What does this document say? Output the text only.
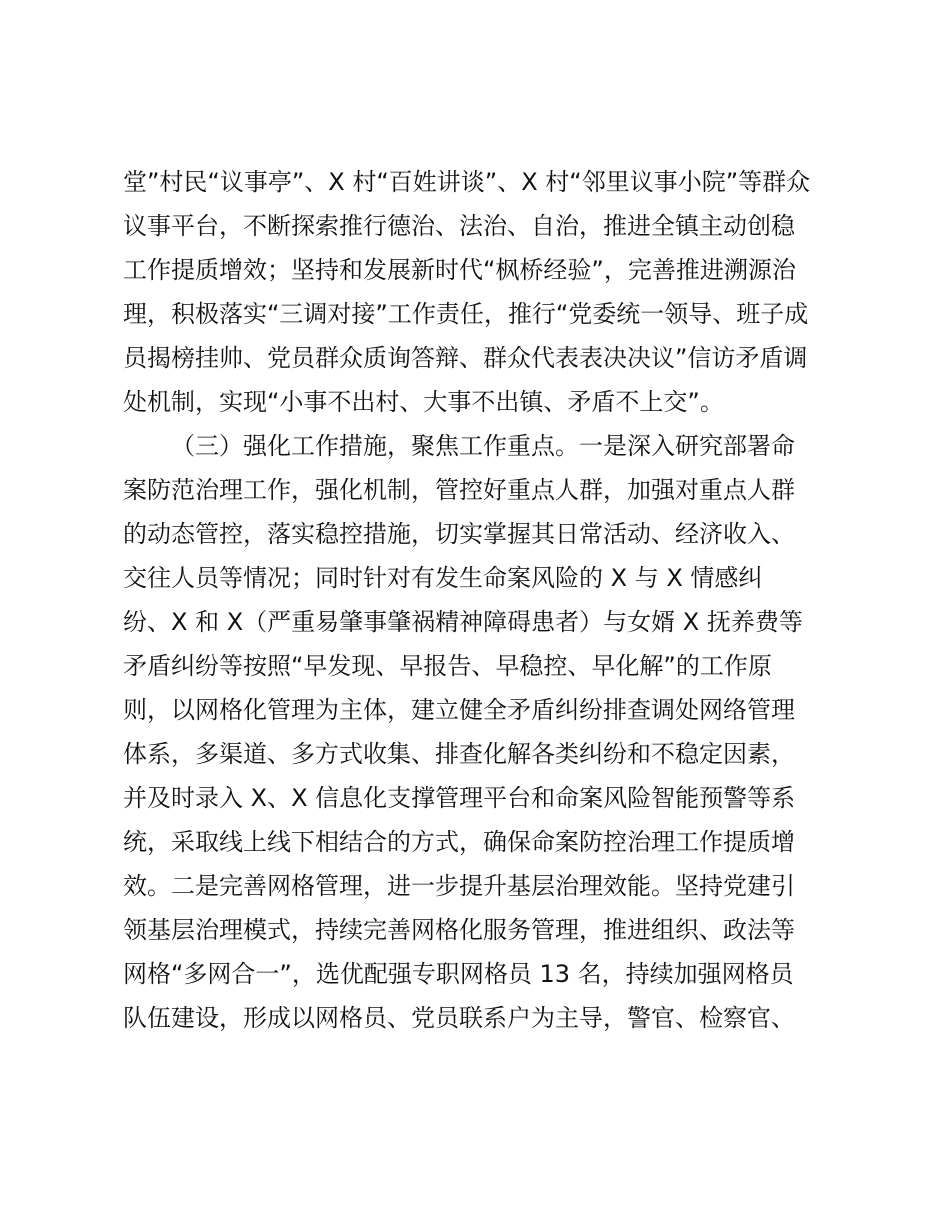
堂”村民“议事亭”、X 村“百姓讲谈”、X 村“邻里议事小院”等群众
议事平台，不断探索推行德治、法治、自治，推进全镇主动创稳
工作提质增效；坚持和发展新时代“枫桥经验”，完善推进溯源治
理，积极落实“三调对接”工作责任，推行“党委统一领导、班子成
员揭榜挂帅、党员群众质询答辩、群众代表表决决议”信访矛盾调
处机制，实现“小事不出村、大事不出镇、矛盾不上交”。
（三）强化工作措施，聚焦工作重点。一是深入研究部署命
案防范治理工作，强化机制，管控好重点人群，加强对重点人群
的动态管控，落实稳控措施，切实掌握其日常活动、经济收入、
交往人员等情况；同时针对有发生命案风险的 X 与 X 情感纠
纷、X 和 X（严重易肇事肇祸精神障碍患者）与女婿 X 抚养费等
矛盾纠纷等按照“早发现、早报告、早稳控、早化解”的工作原
则，以网格化管理为主体，建立健全矛盾纠纷排查调处网络管理
体系，多渠道、多方式收集、排查化解各类纠纷和不稳定因素，
并及时录入 X、X 信息化支撑管理平台和命案风险智能预警等系
统，采取线上线下相结合的方式，确保命案防控治理工作提质增
效。二是完善网格管理，进一步提升基层治理效能。坚持党建引
领基层治理模式，持续完善网格化服务管理，推进组织、政法等
网格“多网合一”，选优配强专职网格员 13 名，持续加强网格员
队伍建设，形成以网格员、党员联系户为主导，警官、检察官、
